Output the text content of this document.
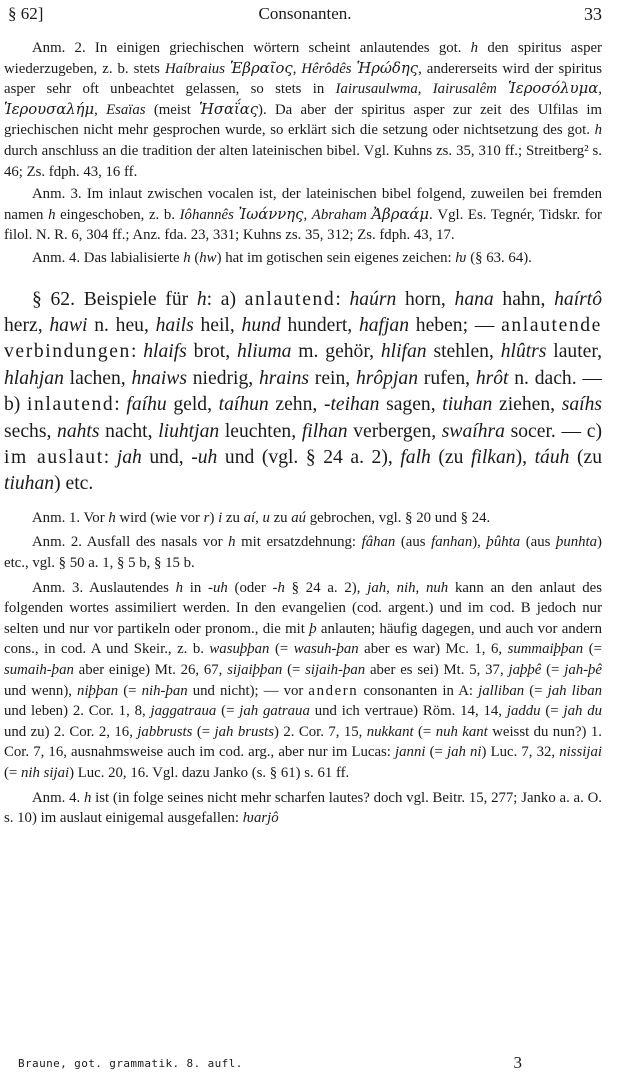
§ 62]	Consonanten.	33

Anm. 2. In einigen griechischen wörtern scheint anlautendes got. h den spiritus asper wiederzugeben, z. b. stets Haíbraius Ἑβραῖος, Hêrôdês Ἡρώδης, andererseits wird der spiritus asper sehr oft unbeachtet gelassen, so stets in Iairusaulwma, Iairusalêm Ἱεροσόλυμα, Ἱερουσαλήμ, Esaïas (meist Ἡσαΐας). Da aber der spiritus asper zur zeit des Ulfilas im griechischen nicht mehr gesprochen wurde, so erklärt sich die setzung oder nichtsetzung des got. h durch anschluss an die tradition der alten lateinischen bibel. Vgl. Kuhns zs. 35, 310 ff.; Streitberg² s. 46; Zs. fdph. 43, 16 ff.

Anm. 3. Im inlaut zwischen vocalen ist, der lateinischen bibel folgend, zuweilen bei fremden namen h eingeschoben, z. b. Iôhannês Ἰωάννης, Abraham Ἀβραάμ. Vgl. Es. Tegnér, Tidskr. for filol. N. R. 6, 304 ff.; Anz. fda. 23, 331; Kuhns zs. 35, 312; Zs. fdph. 43, 17.

Anm. 4. Das labialisierte h (hw) hat im gotischen sein eigenes zeichen: ƕ (§ 63. 64).

§ 62. Beispiele für h: a) anlautend: haúrn horn, hana hahn, haírtô herz, hawi n. heu, hails heil, hund hundert, hafjan heben; — anlautende verbindungen: hlaifs brot, hliuma m. gehör, hlifan stehlen, hlûtrs lauter, hlahjan lachen, hnaiws niedrig, hrains rein, hrôpjan rufen, hrôt n. dach. — b) inlautend: faíhu geld, taíhun zehn, -teihan sagen, tiuhan ziehen, saíhs sechs, nahts nacht, liuhtjan leuchten, filhan verbergen, swaíhra socer. — c) im auslaut: jah und, -uh und (vgl. § 24 a. 2), falh (zu filkan), táuh (zu tiuhan) etc.

Anm. 1. Vor h wird (wie vor r) i zu aí, u zu aú gebrochen, vgl. § 20 und § 24.

Anm. 2. Ausfall des nasals vor h mit ersatzdehnung: fâhan (aus fanhan), þûhta (aus þunhta) etc., vgl. § 50 a. 1, § 5 b, § 15 b.

Anm. 3. Auslautendes h in -uh (oder -h § 24 a. 2), jah, nih, nuh kann an den anlaut des folgenden wortes assimiliert werden. In den evangelien (cod. argent.) und im cod. B jedoch nur selten und nur vor partikeln oder pronom., die mit þ anlauten; häufig dagegen, und auch vor andern cons., in cod. A und Skeir., z. b. wasuþþan (= wasuh-þan aber es war) Mc. 1, 6, summaiþþan (= sumaih-þan aber einige) Mt. 26, 67, sijaiþþan (= sijaih-þan aber es sei) Mt. 5, 37, jaþþê (= jah-þê und wenn), niþþan (= nih-þan und nicht); — vor andern consonanten in A: jalliban (= jah liban und leben) 2. Cor. 1, 8, jaggatraua (= jah gatraua und ich vertraue) Röm. 14, 14, jaddu (= jah du und zu) 2. Cor. 2, 16, jabbrusts (= jah brusts) 2. Cor. 7, 15, nukkant (= nuh kant weisst du nun?) 1. Cor. 7, 16, ausnahmsweise auch im cod. arg., aber nur im Lucas: janni (= jah ni) Luc. 7, 32, nissijai (= nih sijai) Luc. 20, 16. Vgl. dazu Janko (s. § 61) s. 61 ff.

Anm. 4. h ist (in folge seines nicht mehr scharfen lautes? doch vgl. Beitr. 15, 277; Janko a. a. O. s. 10) im auslaut einigemal ausgefallen: ƕarjô

Braune, got. grammatik. 8. aufl.	3
